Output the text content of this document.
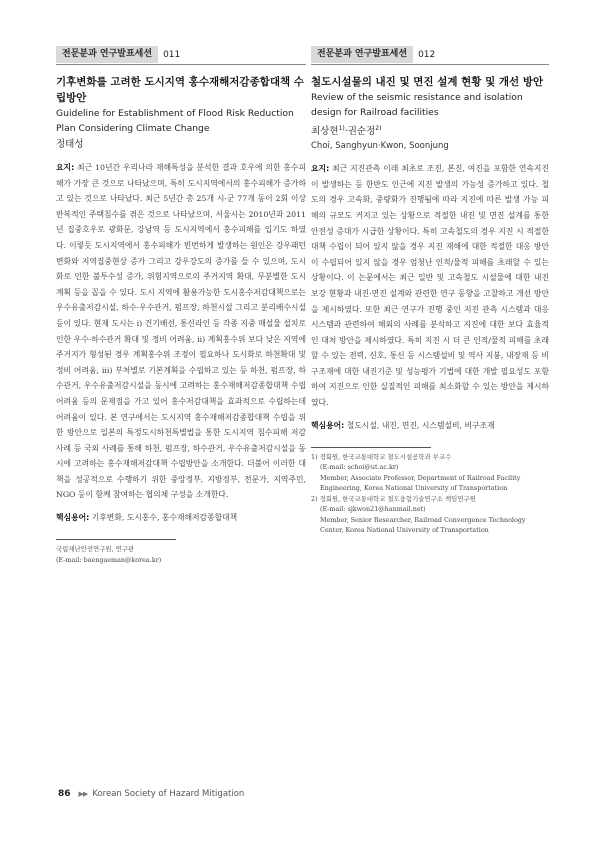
전문분과 연구발표세션	011
기후변화를 고려한 도시지역 홍수재해저감종합대책 수립방안
Guideline for Establishment of Flood Risk Reduction Plan Considering Climate Change
정태성
요지: 최근 10년간 우리나라 재해특성을 분석한 결과 호우에 의한 홍수피해가 가장 큰 것으로 나타났으며, 특히 도시지역에서의 홍수피해가 증가하고 있는 것으로 나타났다. 최근 5년간 총 25개 시·군 77개 동이 2회 이상 반복적인 주택침수를 겪은 것으로 나타났으며, 서울시는 2010년과 2011년 집중호우로 광화문, 강남역 등 도시지역에서 홍수피해를 입기도 하였다. 이렇듯 도시지역에서 홍수피해가 빈번하게 발생하는 원인은 강우패턴 변화와 지역집중현상 증가 그리고 강우강도의 증가를 들 수 있으며, 도시화로 인한 불투수성 증가, 위험지역으로의 주거지역 확대, 무분별한 도시계획 등을 꼽을 수 있다. 도시 지역에 활용가능한 도시홍수저감대책으로는 우수유출저감시설, 하수·우수관거, 펌프장, 하천시설 그리고 분리배수시설 등이 있다. 현재 도시는 i) 건기배선, 통신라인 등 각종 지중 매설물 설치로 인한 우수·하수관거 확대 및 정비 어려움, ii) 계획홍수위 보다 낮은 지역에 주거지가 형성된 경우 계획홍수위 조정이 필요하나 도시화로 하천확대 및 정비 어려움, iii) 부처별로 기본계획을 수립하고 있는 등 하천, 펌프장, 하수관거, 우수유출저감시설을 동시에 고려하는 홍수재해저감종합대책 수립 어려움 등의 문제점을 가고 있어 홍수저감대책을 효과적으로 수립하는데 어려움이 있다. 본 연구에서는 도시지역 홍수재해저감종합대책 수립을 위한 방안으로 일본의 특정도시하천특별법을 통한 도시지역 침수피해 저감 사례 등 국외 사례를 통해 하천, 펌프장, 하수관거, 우수유출저감시설을 동시에 고려하는 홍수재해저감대책 수립방안을 소개한다. 더불어 이러한 대책을 성공적으로 수행하기 위한 중앙정부, 지방정부, 전문가, 지역주민, NGO 등이 함께 참여하는 협의체 구성을 소개한다.
핵심용어: 기후변화, 도시홍수, 홍수재해저감종합대책
국립재난안전연구원, 연구관
(E-mail: baengaeman@korea.kr)
전문분과 연구발표세션	012
철도시설물의 내진 및 면진 설계 현황 및 개선 방안
Review of the seismic resistance and isolation design for Railroad facilities
최상현$^{1)}$·권순정$^{2)}$
Choi, Sanghyun·Kwon, Soonjung
요지: 최근 지진관측 이래 최초로 조진, 본진, 여진을 포함한 연속지진이 발생하는 등 한반도 인근에 지진 발생의 가능성 증가하고 있다. 철도의 경우 고속화, 중량화가 진행됨에 따라 지진에 따른 발생 가능 피해의 규모도 커지고 있는 상황으로 적절한 내진 및 면진 설계를 통한 안전성 증대가 시급한 상황이다. 특히 고속철도의 경우 지진 시 적절한 대책 수립이 되어 있지 않을 경우 지진 재해에 대한 적절한 대응 방안이 수립되어 있지 않을 경우 엄청난 인적/물적 피해를 초래할 수 있는 상황이다. 이 논문에서는 최근 일반 및 고속철도 시설물에 대한 내진 보강 현황과 내진·면진 설계와 관련한 연구 동향을 고찰하고 개선 방안을 제시하였다. 또한 최근 연구가 진행 중인 지진 관측 시스템과 대응 시스템과 관련하여 해외의 사례를 분석하고 지진에 대한 보다 효율적인 대처 방안을 제시하였다. 특히 지진 시 더 큰 인적/물적 피해를 초래할 수 있는 전력, 신호, 통신 등 시스템설비 및 역사 지붕, 내장재 등 비구조재에 대한 내진기준 및 성능평가 기법에 대한 개발 필요성도 포함하여 지진으로 인한 실질적인 피해를 최소화할 수 있는 방안을 제시하였다.
핵심용어: 철도시설, 내진, 면진, 시스템설비, 비구조재
1) 정회원, 한국교통대학교 철도시설공학과 부교수
(E-mail: schoi@ut.ac.kr)
Member, Associate Professor, Department of Railroad Facility Engineering, Korea National University of Transportation
2) 정회원, 한국교통대학교 철도융합기술연구소 책임연구원
(E-mail: sjkwon21@hanmail.net)
Member, Senior Researcher, Railroad Convergence Technology Center, Korea National University of Transportation
86 ▶▶ Korean Society of Hazard Mitigation
